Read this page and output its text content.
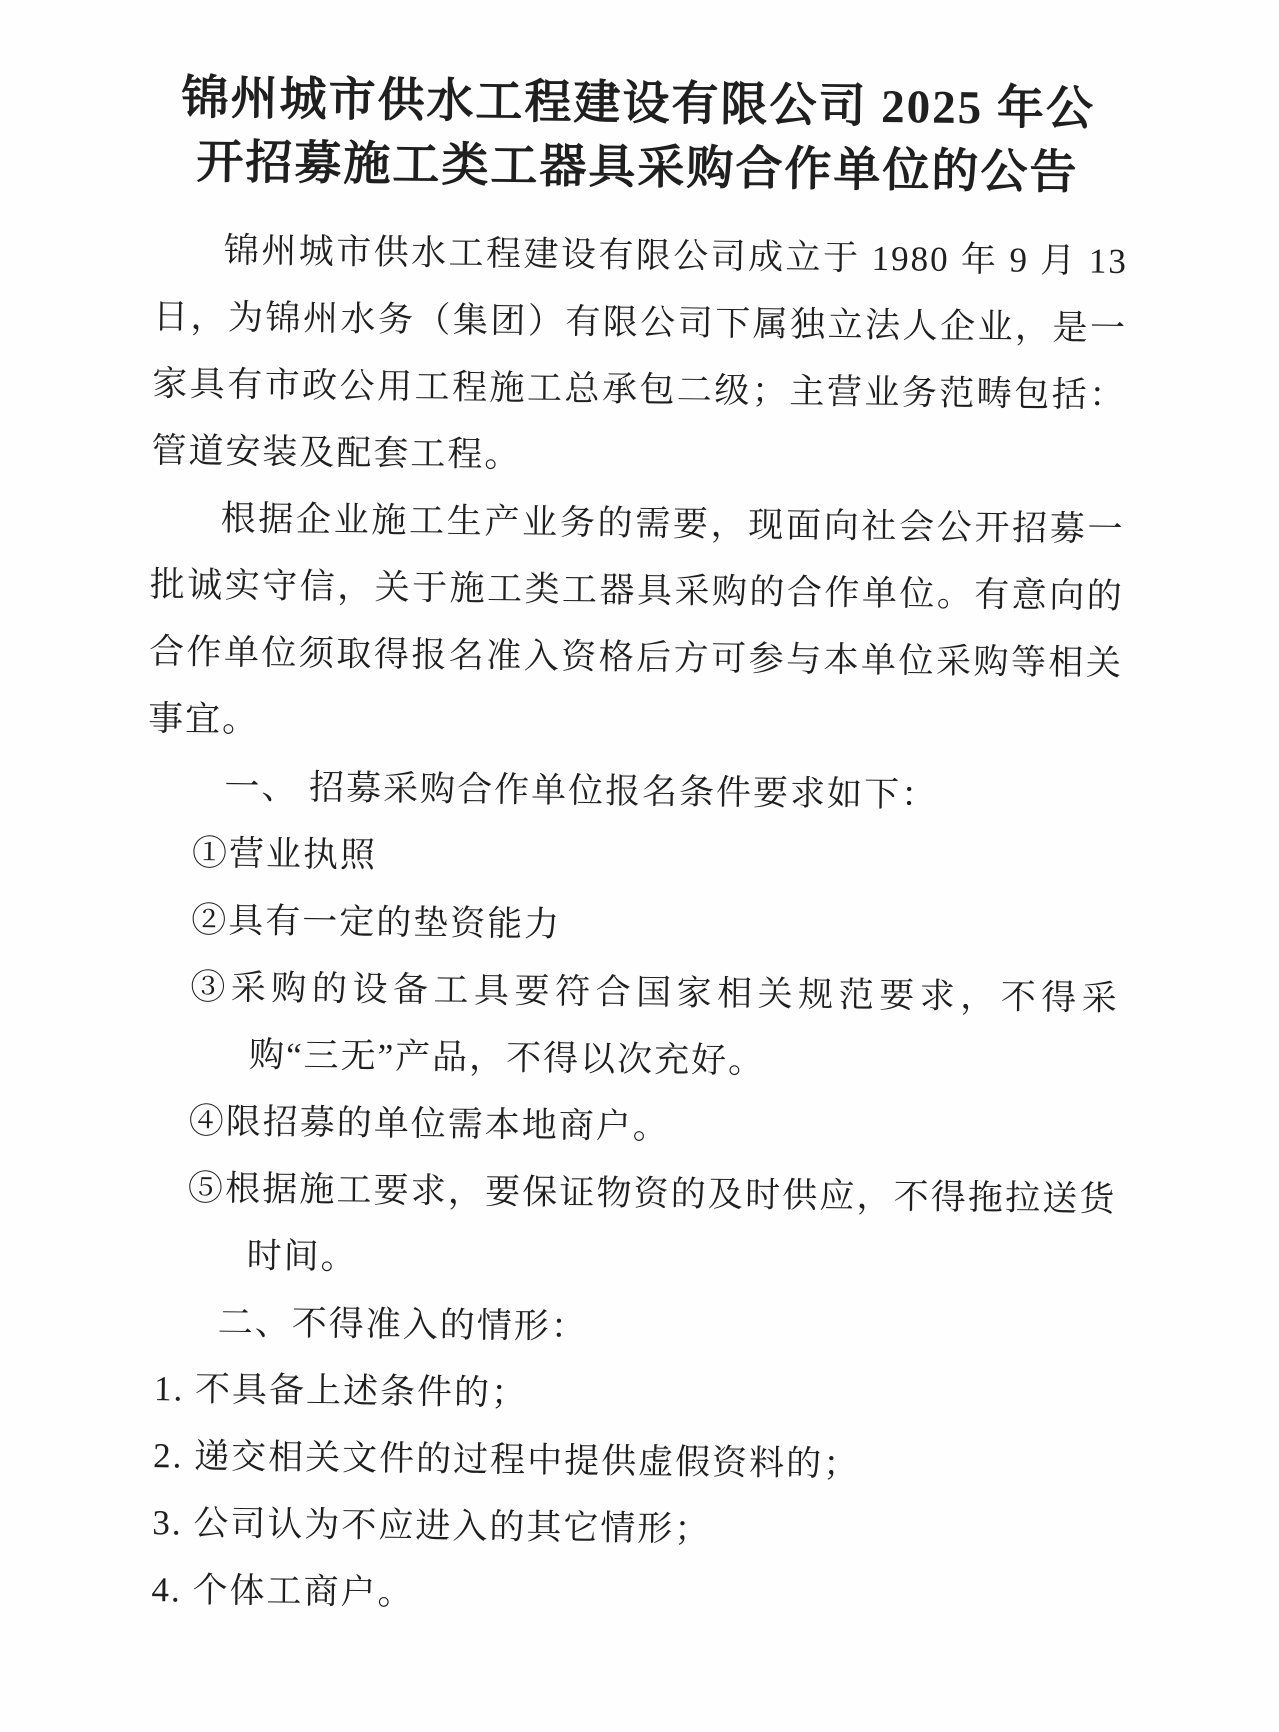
锦州城市供水工程建设有限公司 2025 年公
开招募施工类工器具采购合作单位的公告

锦州城市供水工程建设有限公司成立于 1980 年 9 月 13 日，为锦州水务（集团）有限公司下属独立法人企业，是一家具有市政公用工程施工总承包二级；主营业务范畴包括：管道安装及配套工程。

根据企业施工生产业务的需要，现面向社会公开招募一批诚实守信，关于施工类工器具采购的合作单位。有意向的合作单位须取得报名准入资格后方可参与本单位采购等相关事宜。

一、 招募采购合作单位报名条件要求如下：

①营业执照

②具有一定的垫资能力

③采购的设备工具要符合国家相关规范要求，不得采购“三无”产品，不得以次充好。

④限招募的单位需本地商户。

⑤根据施工要求，要保证物资的及时供应，不得拖拉送货时间。

二、不得准入的情形：

1. 不具备上述条件的；

2. 递交相关文件的过程中提供虚假资料的；

3. 公司认为不应进入的其它情形；

4. 个体工商户。
